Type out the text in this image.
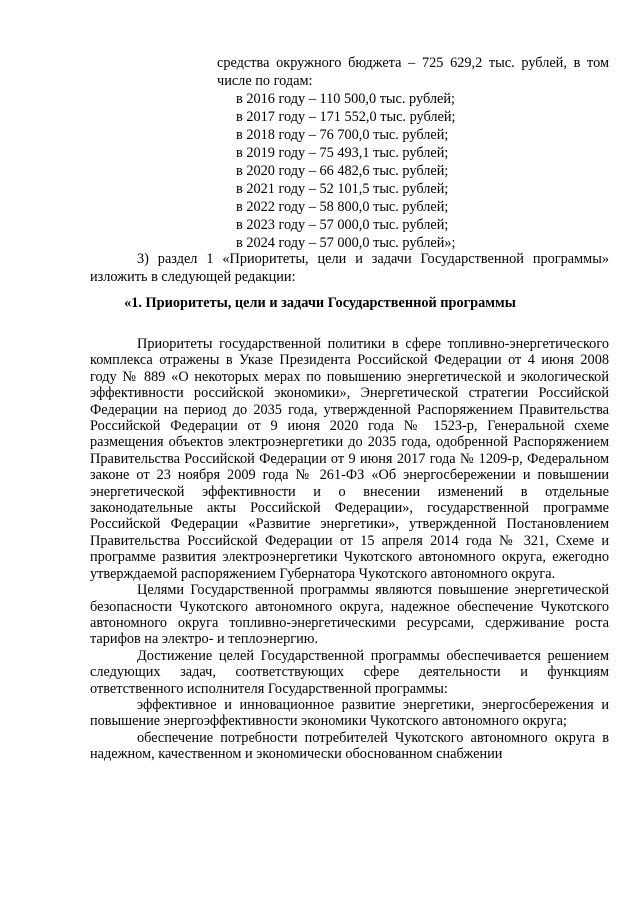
средства окружного бюджета – 725 629,2 тыс. рублей, в том числе по годам:
в 2016 году – 110 500,0 тыс. рублей;
в 2017 году – 171 552,0 тыс. рублей;
в 2018 году – 76 700,0 тыс. рублей;
в 2019 году – 75 493,1 тыс. рублей;
в 2020 году – 66 482,6 тыс. рублей;
в 2021 году – 52 101,5 тыс. рублей;
в 2022 году – 58 800,0 тыс. рублей;
в 2023 году – 57 000,0 тыс. рублей;
в 2024 году – 57 000,0 тыс. рублей»;
3) раздел 1 «Приоритеты, цели и задачи Государственной программы» изложить в следующей редакции:
«1. Приоритеты, цели и задачи Государственной программы

Приоритеты государственной политики в сфере топливно-энергетического комплекса отражены в Указе Президента Российской Федерации от 4 июня 2008 году № 889 «О некоторых мерах по повышению энергетической и экологической эффективности российской экономики», Энергетической стратегии Российской Федерации на период до 2035 года, утвержденной Распоряжением Правительства Российской Федерации от 9 июня 2020 года № 1523-р, Генеральной схеме размещения объектов электроэнергетики до 2035 года, одобренной Распоряжением Правительства Российской Федерации от 9 июня 2017 года № 1209-р, Федеральном законе от 23 ноября 2009 года № 261-ФЗ «Об энергосбережении и повышении энергетической эффективности и о внесении изменений в отдельные законодательные акты Российской Федерации», государственной программе Российской Федерации «Развитие энергетики», утвержденной Постановлением Правительства Российской Федерации от 15 апреля 2014 года № 321, Схеме и программе развития электроэнергетики Чукотского автономного округа, ежегодно утверждаемой распоряжением Губернатора Чукотского автономного округа.

Целями Государственной программы являются повышение энергетической безопасности Чукотского автономного округа, надежное обеспечение Чукотского автономного округа топливно-энергетическими ресурсами, сдерживание роста тарифов на электро- и теплоэнергию.

Достижение целей Государственной программы обеспечивается решением следующих задач, соответствующих сфере деятельности и функциям ответственного исполнителя Государственной программы:

эффективное и инновационное развитие энергетики, энергосбережения и повышение энергоэффективности экономики Чукотского автономного округа;

обеспечение потребности потребителей Чукотского автономного округа в надежном, качественном и экономически обоснованном снабжении
